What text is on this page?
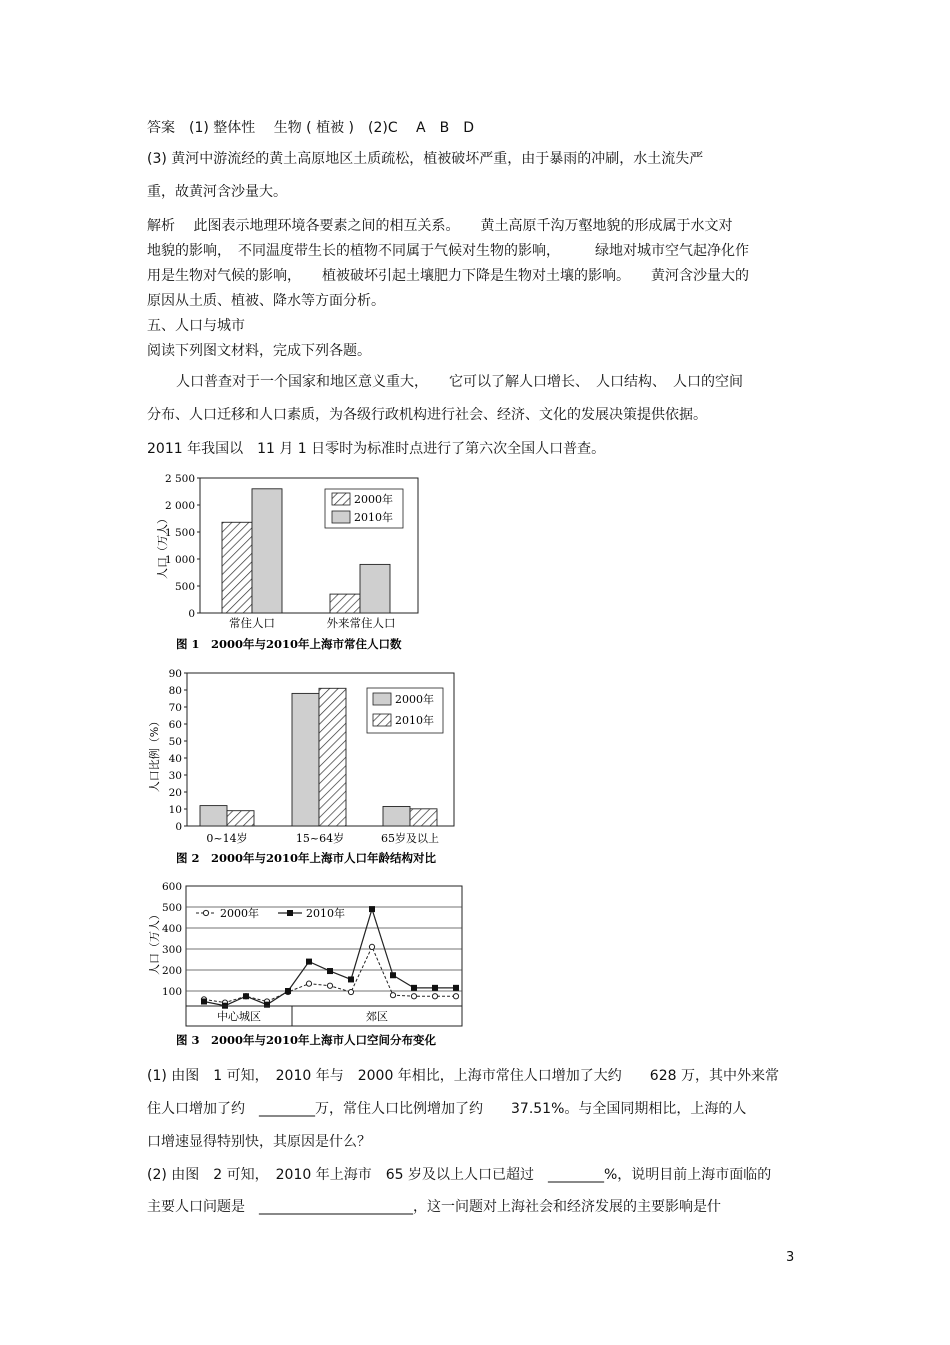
答案　(1) 整体性　 生物 ( 植被 )　(2)C　 A　B　D
(3) 黄河中游流经的黄土高原地区土质疏松，植被破坏严重，由于暴雨的冲刷，水土流失严
重，故黄河含沙量大。
解析　 此图表示地理环境各要素之间的相互关系。　　黄土高原千沟万壑地貌的形成属于水文对
地貌的影响，　不同温度带生长的植物不同属于气候对生物的影响，　　　绿地对城市空气起净化作
用是生物对气候的影响，　　植被破坏引起土壤肥力下降是生物对土壤的影响。　　黄河含沙量大的
原因从土质、植被、降水等方面分析。
五、人口与城市
阅读下列图文材料，完成下列各题。
人口普查对于一个国家和地区意义重大，　　它可以了解人口增长、　人口结构、　人口的空间
分布、人口迁移和人口素质，为各级行政机构进行社会、经济、文化的发展决策提供依据。
2011 年我国以　11 月 1 日零时为标准时点进行了第六次全国人口普查。
2 500
2 000
1 500
1 000
500
0
人口（万人）
2000年
2010年
常住人口	外来常住人口
图 1　2000年与2010年上海市常住人口数
90
80
70
60
50
40
30
20
10
0
人口比例（%）
2000年
2010年
0~14岁	15~64岁	65岁及以上
图 2　2000年与2010年上海市人口年龄结构对比
600
500
400
300
200
100
人口（万人）	2000年	2010年
中心城区	郊区
图 3　2000年与2010年上海市人口空间分布变化
(1) 由图　1 可知，　2010 年与　2000 年相比，上海市常住人口增加了大约　　628 万，其中外来常
住人口增加了约　________万，常住人口比例增加了约　　37.51%。与全国同期相比，上海的人
口增速显得特别快，其原因是什么？
(2) 由图　2 可知，　2010 年上海市　65 岁及以上人口已超过　________%，说明目前上海市面临的
主要人口问题是　______________________，这一问题对上海社会和经济发展的主要影响是什
3
